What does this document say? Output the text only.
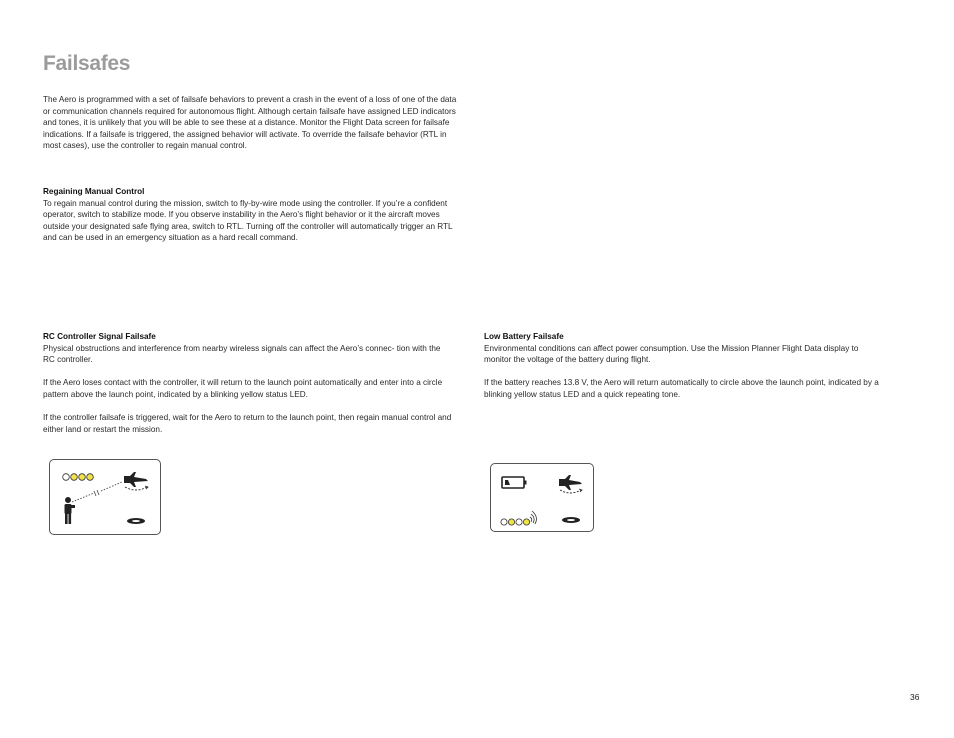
Failsafes

The Aero is programmed with a set of failsafe behaviors to prevent a crash in the event of a loss of one of the data or communication channels required for autonomous flight. Although certain failsafe have assigned LED indicators and tones, it is unlikely that you will be able to see these at a distance. Monitor the Flight Data screen for failsafe indications. If a failsafe is triggered, the assigned behavior will activate. To override the failsafe behavior (RTL in most cases), use the controller to regain manual control.

Regaining Manual Control

To regain manual control during the mission, switch to fly-by-wire mode using the controller. If you’re a confident operator, switch to stabilize mode. If you observe instability in the Aero’s flight behavior or it the aircraft moves outside your designated safe flying area, switch to RTL. Turning off the controller will automatically trigger an RTL and can be used in an emergency situation as a hard recall command.

RC Controller Signal Failsafe

Physical obstructions and interference from nearby wireless signals can affect the Aero’s connec- tion with the RC controller.

If the Aero loses contact with the controller, it will return to the launch point automatically and enter into a circle pattern above the launch point, indicated by a blinking yellow status LED.

If the controller failsafe is triggered, wait for the Aero to return to the launch point, then regain manual control and either land or restart the mission.

Low Battery Failsafe

Environmental conditions can affect power consumption. Use the Mission Planner Flight Data display to monitor the voltage of the battery during flight.

If the battery reaches 13.8 V, the Aero will return automatically to circle above the launch point, indicated by a blinking yellow status LED and a quick repeating tone.

36
